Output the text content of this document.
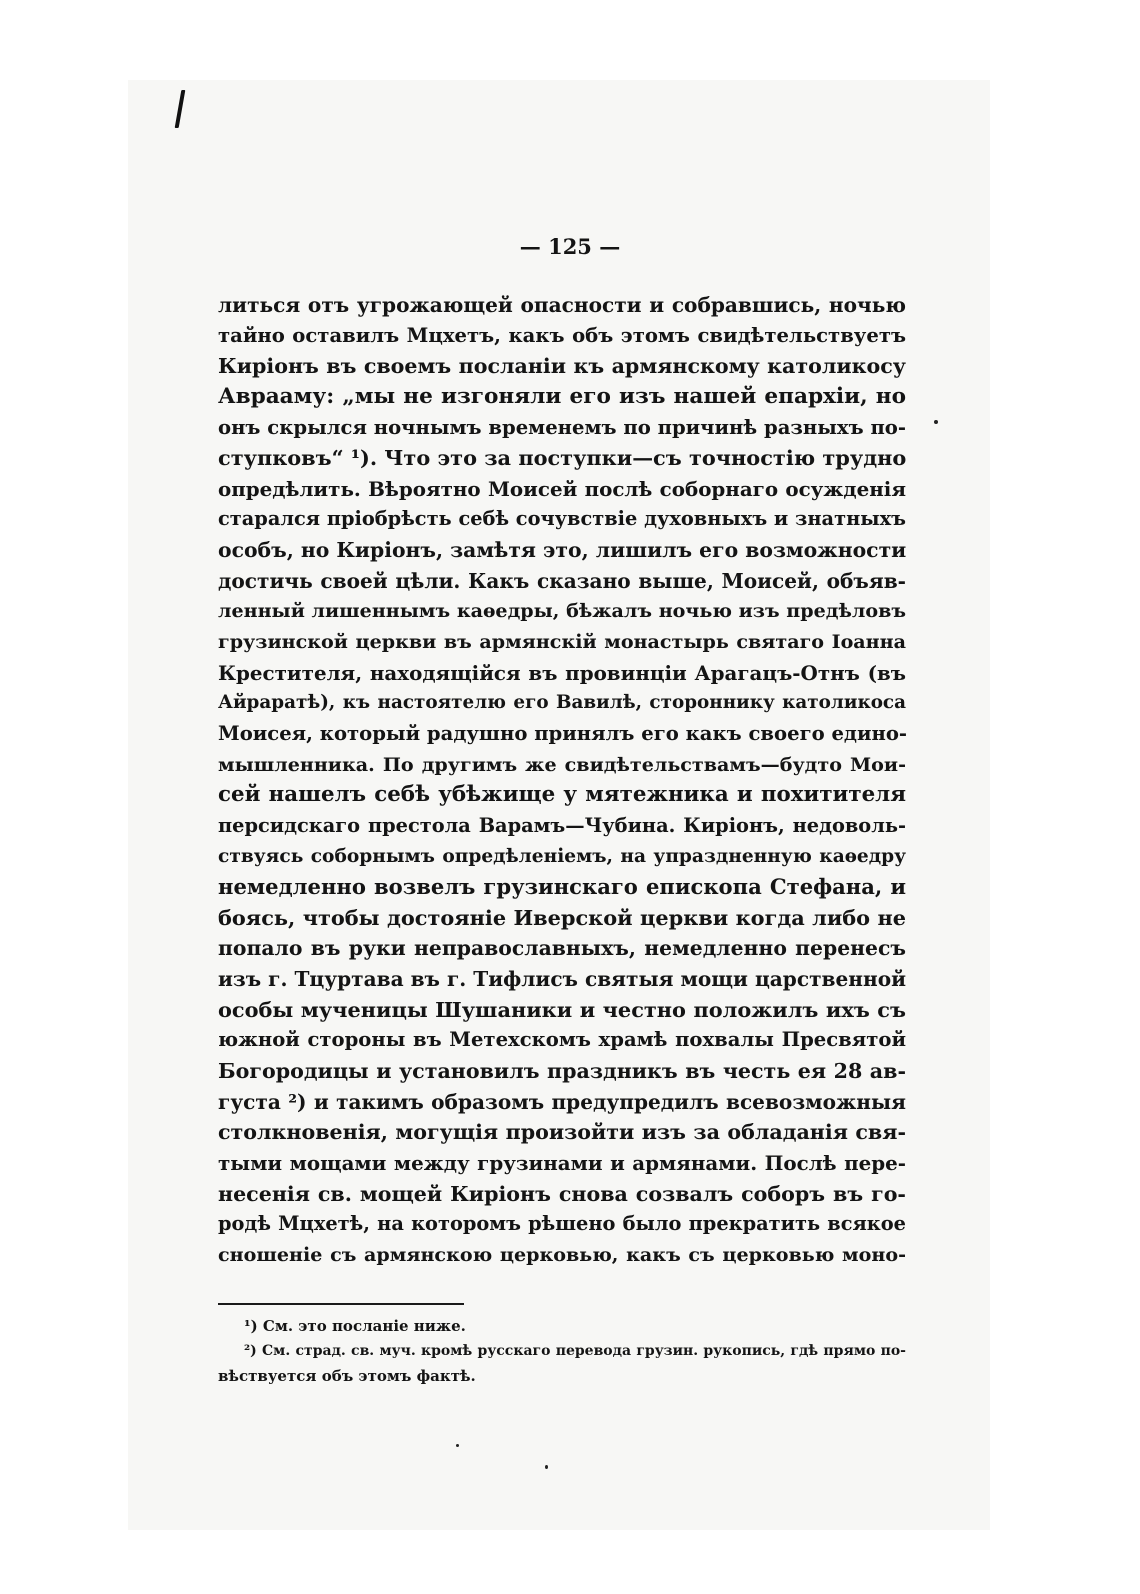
— 125 —
литься отъ угрожающей опасности и собравшись, ночью
тайно оставилъ Мцхетъ, какъ объ этомъ свидѣтельствуетъ
Киріонъ въ своемъ посланіи къ армянскому католикосу
Аврааму: „мы не изгоняли его изъ нашей епархіи, но
онъ скрылся ночнымъ временемъ по причинѣ разныхъ по-
ступковъ“ ¹). Что это за поступки—съ точностію трудно
опредѣлить. Вѣроятно Моисей послѣ соборнаго осужденія
старался пріобрѣсть себѣ сочувствіе духовныхъ и знатныхъ
особъ, но Киріонъ, замѣтя это, лишилъ его возможности
достичь своей цѣли. Какъ сказано выше, Моисей, объяв-
ленный лишеннымъ каѳедры, бѣжалъ ночью изъ предѣловъ
грузинской церкви въ армянскій монастырь святаго Іоанна
Крестителя, находящійся въ провинціи Арагацъ-Отнъ (въ
Айраратѣ), къ настоятелю его Вавилѣ, стороннику католикоса
Моисея, который радушно принялъ его какъ своего едино-
мышленника. По другимъ же свидѣтельствамъ—будто Мои-
сей нашелъ себѣ убѣжище у мятежника и похитителя
персидскаго престола Варамъ—Чубина. Киріонъ, недоволь-
ствуясь соборнымъ опредѣленіемъ, на упраздненную каѳедру
немедленно возвелъ грузинскаго епископа Стефана, и
боясь, чтобы достояніе Иверской церкви когда либо не
попало въ руки неправославныхъ, немедленно перенесъ
изъ г. Тцуртава въ г. Тифлисъ святыя мощи царственной
особы мученицы Шушаники и честно положилъ ихъ съ
южной стороны въ Метехскомъ храмѣ похвалы Пресвятой
Богородицы и установилъ праздникъ въ честь ея 28 ав-
густа ²) и такимъ образомъ предупредилъ всевозможныя
столкновенія, могущія произойти изъ за обладанія свя-
тыми мощами между грузинами и армянами. Послѣ пере-
несенія св. мощей Киріонъ снова созвалъ соборъ въ го-
родѣ Мцхетѣ, на которомъ рѣшено было прекратить всякое
сношеніе съ армянскою церковью, какъ съ церковью моно-
¹) См. это посланіе ниже.
²) См. страд. св. муч. кромѣ русскаго перевода грузин. рукопись, гдѣ прямо по-
вѣствуется объ этомъ фактѣ.
